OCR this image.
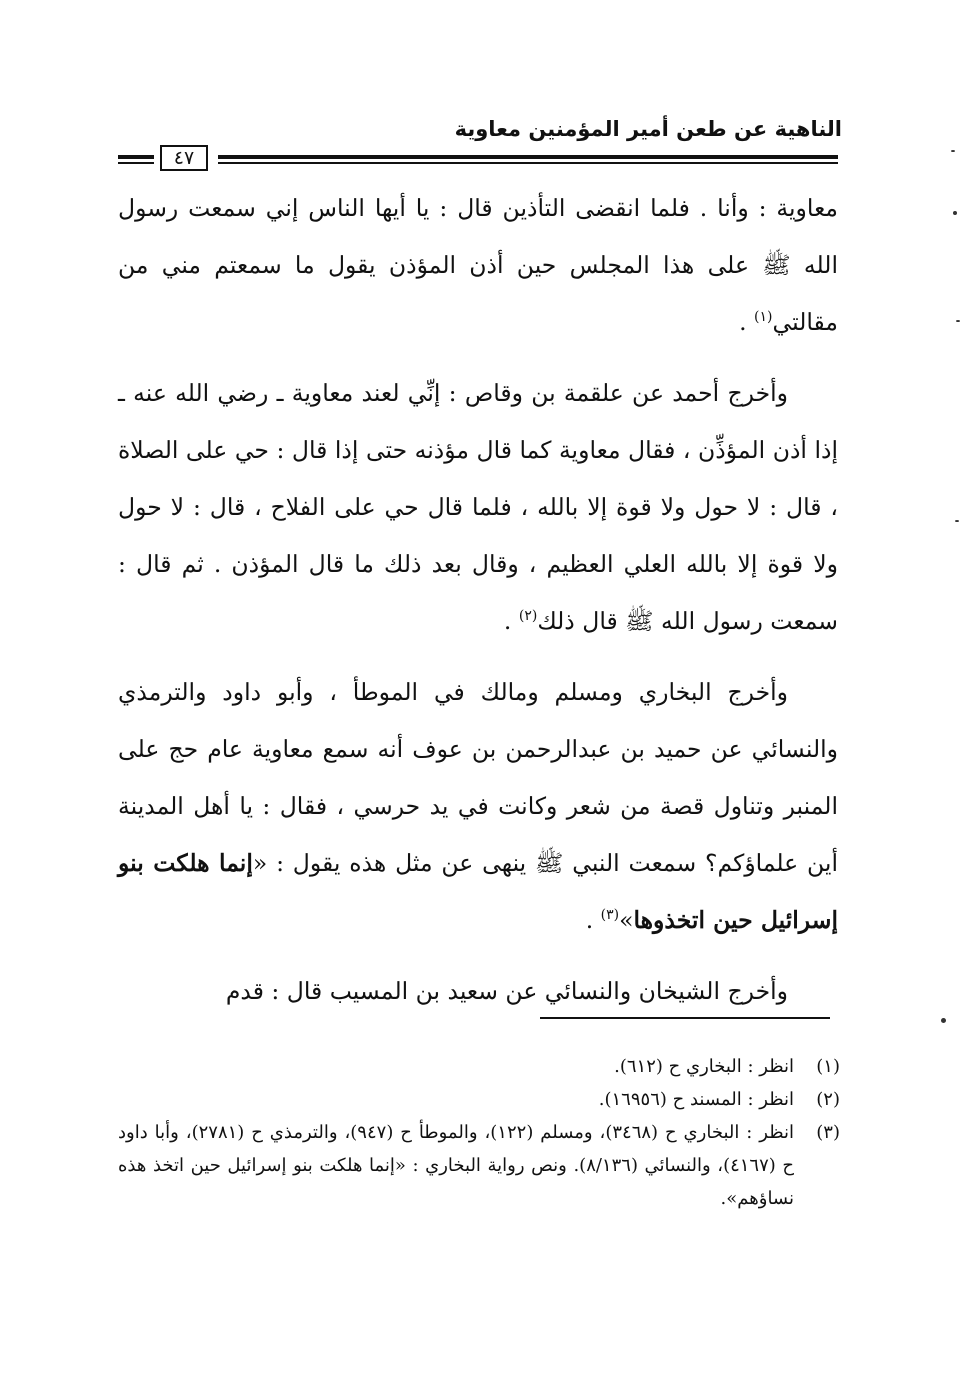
الناهية عن طعن أمير المؤمنين معاوية
٤٧

معاوية : وأنا . فلما انقضى التأذين قال : يا أيها الناس إني سمعت رسول الله ﷺ على هذا المجلس حين أذن المؤذن يقول ما سمعتم مني من مقالتي$^{(١)}$ .

وأخرج أحمد عن علقمة بن وقاص : إنِّي لعند معاوية ـ رضي الله عنه ـ إذا أذن المؤذِّن ، فقال معاوية كما قال مؤذنه حتى إذا قال : حي على الصلاة ، قال : لا حول ولا قوة إلا بالله ، فلما قال حي على الفلاح ، قال : لا حول ولا قوة إلا بالله العلي العظيم ، وقال بعد ذلك ما قال المؤذن . ثم قال : سمعت رسول الله ﷺ قال ذلك$^{(٢)}$ .

وأخرج البخاري ومسلم ومالك في الموطأ ، وأبو داود والترمذي والنسائي عن حميد بن عبدالرحمن بن عوف أنه سمع معاوية عام حج على المنبر وتناول قصة من شعر وكانت في يد حرسي ، فقال : يا أهل المدينة أين علماؤكم؟ سمعت النبي ﷺ ينهى عن مثل هذه يقول : «إنما هلكت بنو إسرائيل حين اتخذوها»$^{(٣)}$ .

وأخرج الشيخان والنسائي عن سعيد بن المسيب قال : قدم

(١)
انظر : البخاري ح (٦١٢).
(٢)
انظر : المسند ح (١٦٩٥٦).
(٣)
انظر : البخاري ح (٣٤٦٨)، ومسلم (١٢٢)، والموطأ ح (٩٤٧)، والترمذي ح (٢٧٨١)، وأبا داود ح (٤١٦٧)، والنسائي (٨/١٣٦). ونص رواية البخاري : «إنما هلكت بنو إسرائيل حين اتخذ هذه نساؤهم».
